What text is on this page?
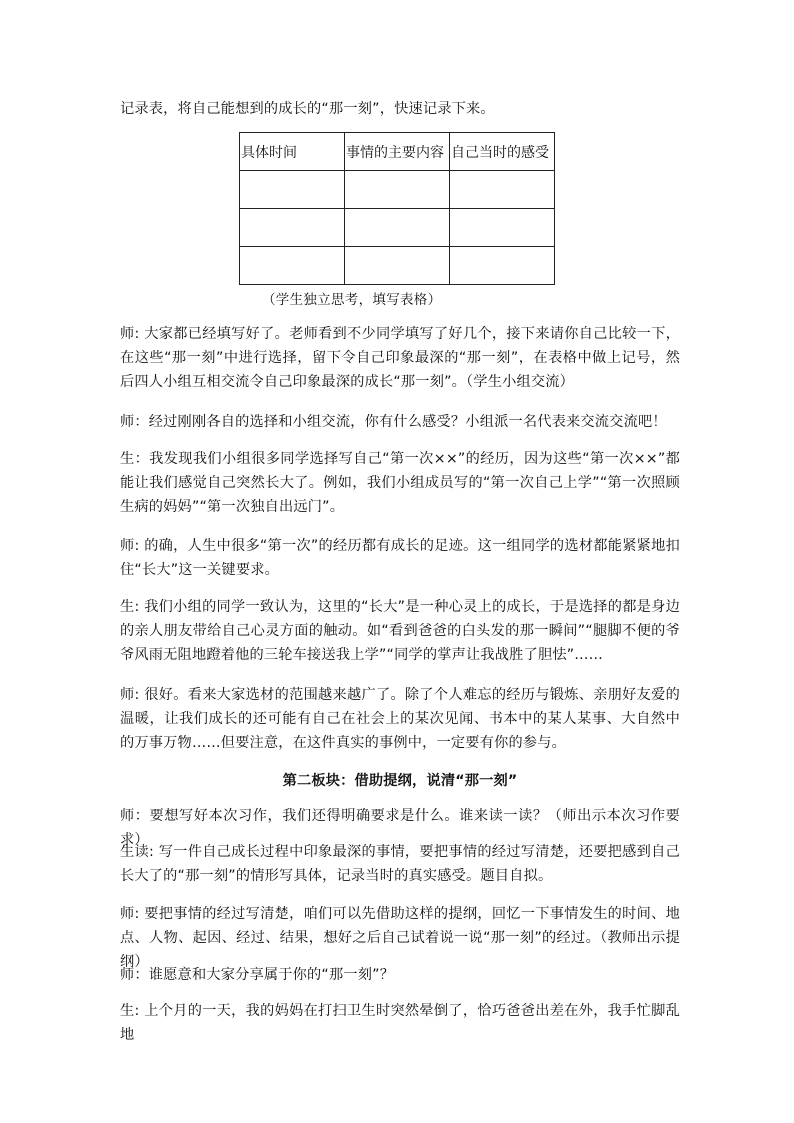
记录表，将自己能想到的成长的“那一刻”，快速记录下来。

具体时间	事情的主要内容	自己当时的感受

（学生独立思考，填写表格）

师: 大家都已经填写好了。老师看到不少同学填写了好几个，接下来请你自己比较一下，在这些“那一刻”中进行选择，留下令自己印象最深的“那一刻”，在表格中做上记号，然后四人小组互相交流令自己印象最深的成长“那一刻”。（学生小组交流）

师：经过刚刚各自的选择和小组交流，你有什么感受？小组派一名代表来交流交流吧！

生：我发现我们小组很多同学选择写自己“第一次××”的经历，因为这些“第一次××”都能让我们感觉自己突然长大了。例如，我们小组成员写的“第一次自己上学”“第一次照顾生病的妈妈”“第一次独自出远门”。

师: 的确，人生中很多“第一次”的经历都有成长的足迹。这一组同学的选材都能紧紧地扣住“长大”这一关键要求。

生: 我们小组的同学一致认为，这里的“长大”是一种心灵上的成长，于是选择的都是身边的亲人朋友带给自己心灵方面的触动。如“看到爸爸的白头发的那一瞬间”“腿脚不便的爷爷风雨无阻地蹬着他的三轮车接送我上学”“同学的掌声让我战胜了胆怯”……

师: 很好。看来大家选材的范围越来越广了。除了个人难忘的经历与锻炼、亲朋好友爱的温暖，让我们成长的还可能有自己在社会上的某次见闻、书本中的某人某事、大自然中的万事万物……但要注意，在这件真实的事例中，一定要有你的参与。

第二板块：借助提纲，说清“那一刻”

师：要想写好本次习作，我们还得明确要求是什么。谁来读一读？（师出示本次习作要求）

生读: 写一件自己成长过程中印象最深的事情，要把事情的经过写清楚，还要把感到自己长大了的“那一刻”的情形写具体，记录当时的真实感受。题目自拟。

师: 要把事情的经过写清楚，咱们可以先借助这样的提纲，回忆一下事情发生的时间、地点、人物、起因、经过、结果，想好之后自己试着说一说“那一刻”的经过。（教师出示提纲）

师：谁愿意和大家分享属于你的“那一刻”？

生: 上个月的一天，我的妈妈在打扫卫生时突然晕倒了，恰巧爸爸出差在外，我手忙脚乱地
